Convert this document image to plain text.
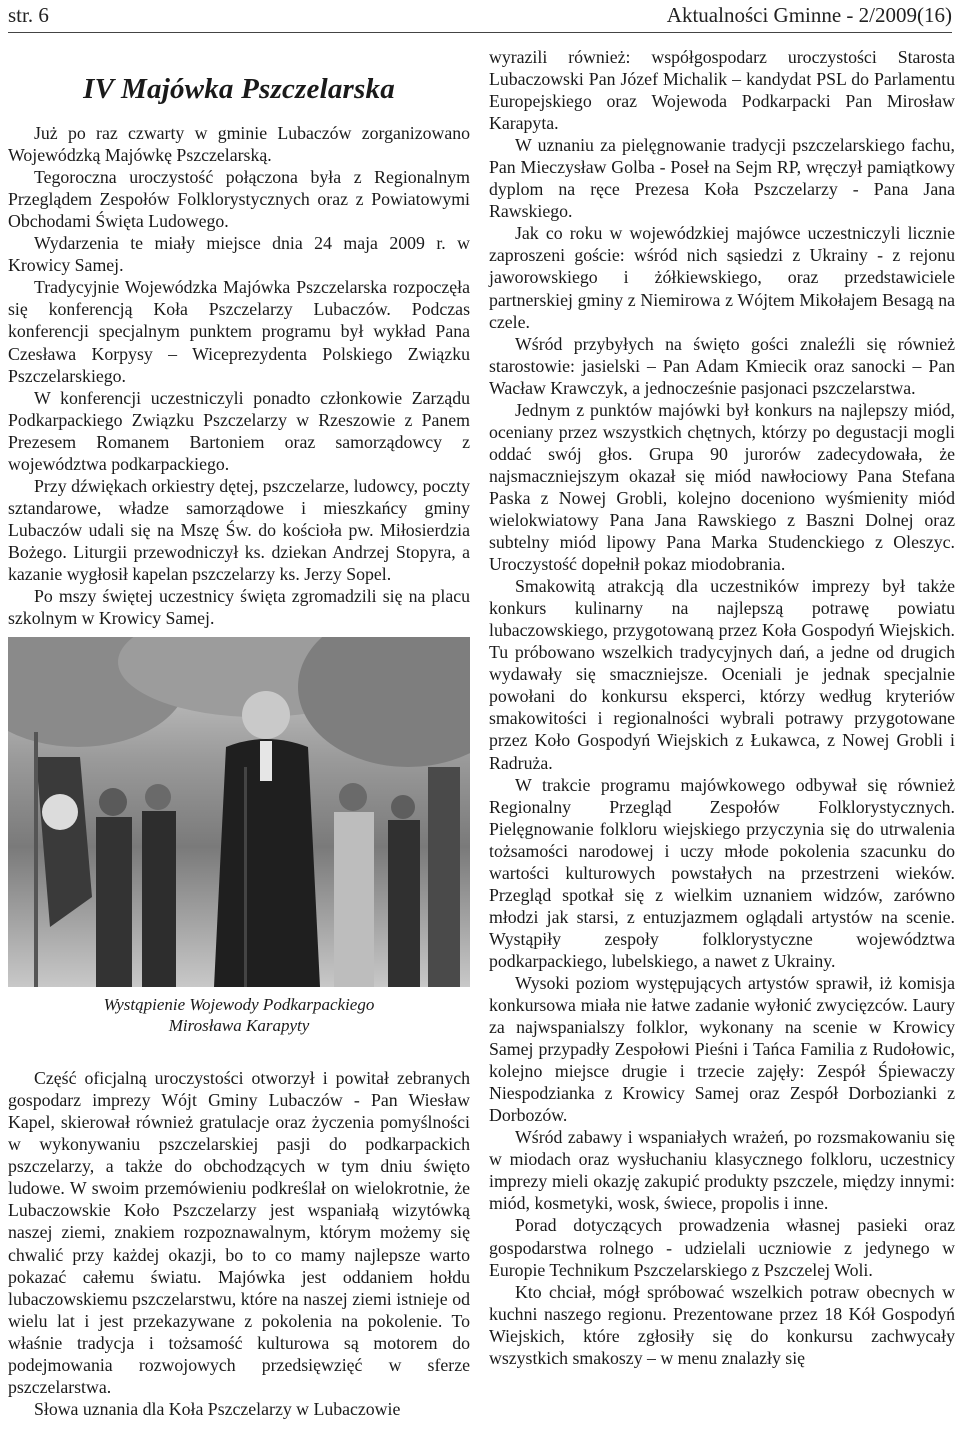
str. 6	Aktualności Gminne - 2/2009(16)
IV Majówka Pszczelarska

Już po raz czwarty w gminie Lubaczów zorganizowano Wojewódzką Majówkę Pszczelarską.

Tegoroczna uroczystość połączona była z Regionalnym Przeglądem Zespołów Folklorystycznych oraz z Powiatowymi Obchodami Święta Ludowego.

Wydarzenia te miały miejsce dnia 24 maja 2009 r. w Krowicy Samej.

Tradycyjnie Wojewódzka Majówka Pszczelarska rozpoczęła się konferencją Koła Pszczelarzy Lubaczów. Podczas konferencji specjalnym punktem programu był wykład Pana Czesława Korpysy – Wiceprezydenta Polskiego Związku Pszczelarskiego.

W konferencji uczestniczyli ponadto członkowie Zarządu Podkarpackiego Związku Pszczelarzy w Rzeszowie z Panem Prezesem Romanem Bartoniem oraz samorządowcy z województwa podkarpackiego.

Przy dźwiękach orkiestry dętej, pszczelarze, ludowcy, poczty sztandarowe, władze samorządowe i mieszkańcy gminy Lubaczów udali się na Mszę Św. do kościoła pw. Miłosierdzia Bożego. Liturgii przewodniczył ks. dziekan Andrzej Stopyra, a kazanie wygłosił kapelan pszczelarzy ks. Jerzy Sopel.

Po mszy świętej uczestnicy święta zgromadzili się na placu szkolnym w Krowicy Samej.

Wystąpienie Wojewody Podkarpackiego
Mirosława Karapyty

Część oficjalną uroczystości otworzył i powitał zebranych gospodarz imprezy Wójt Gminy Lubaczów - Pan Wiesław Kapel, skierował również gratulacje oraz życzenia pomyślności w wykonywaniu pszczelarskiej pasji do podkarpackich pszczelarzy, a także do obchodzących w tym dniu święto ludowe. W swoim przemówieniu podkreślał on wielokrotnie, że Lubaczowskie Koło Pszczelarzy jest wspaniałą wizytówką naszej ziemi, znakiem rozpoznawalnym, którym możemy się chwalić przy każdej okazji, bo to co mamy najlepsze warto pokazać całemu światu. Majówka jest oddaniem hołdu lubaczowskiemu pszczelarstwu, które na naszej ziemi istnieje od wielu lat i jest przekazywane z pokolenia na pokolenie. To właśnie tradycja i tożsamość kulturowa są motorem do podejmowania rozwojowych przedsięwzięć w sferze pszczelarstwa.

Słowa uznania dla Koła Pszczelarzy w Lubaczowie

wyrazili również: współgospodarz uroczystości Starosta Lubaczowski Pan Józef Michalik – kandydat PSL do Parlamentu Europejskiego oraz Wojewoda Podkarpacki Pan Mirosław Karapyta.

W uznaniu za pielęgnowanie tradycji pszczelarskiego fachu, Pan Mieczysław Golba - Poseł na Sejm RP, wręczył pamiątkowy dyplom na ręce Prezesa Koła Pszczelarzy - Pana Jana Rawskiego.

Jak co roku w wojewódzkiej majówce uczestniczyli licznie zaproszeni goście: wśród nich sąsiedzi z Ukrainy - z rejonu jaworowskiego i żółkiewskiego, oraz przedstawiciele partnerskiej gminy z Niemirowa z Wójtem Mikołajem Besagą na czele.

Wśród przybyłych na święto gości znaleźli się również starostowie: jasielski – Pan Adam Kmiecik oraz sanocki – Pan Wacław Krawczyk, a jednocześnie pasjonaci pszczelarstwa.

Jednym z punktów majówki był konkurs na najlepszy miód, oceniany przez wszystkich chętnych, którzy po degustacji mogli oddać swój głos. Grupa 90 jurorów zadecydowała, że najsmaczniejszym okazał się miód nawłociowy Pana Stefana Paska z Nowej Grobli, kolejno doceniono wyśmienity miód wielokwiatowy Pana Jana Rawskiego z Baszni Dolnej oraz subtelny miód lipowy Pana Marka Studenckiego z Oleszyc. Uroczystość dopełnił pokaz miodobrania.

Smakowitą atrakcją dla uczestników imprezy był także konkurs kulinarny na najlepszą potrawę powiatu lubaczowskiego, przygotowaną przez Koła Gospodyń Wiejskich. Tu próbowano wszelkich tradycyjnych dań, a jedne od drugich wydawały się smaczniejsze. Oceniali je jednak specjalnie powołani do konkursu eksperci, którzy według kryteriów smakowitości i regionalności wybrali potrawy przygotowane przez Koło Gospodyń Wiejskich z Łukawca, z Nowej Grobli i Radruża.

W trakcie programu majówkowego odbywał się również Regionalny Przegląd Zespołów Folklorystycznych. Pielęgnowanie folkloru wiejskiego przyczynia się do utrwalenia tożsamości narodowej i uczy młode pokolenia szacunku do wartości kulturowych powstałych na przestrzeni wieków. Przegląd spotkał się z wielkim uznaniem widzów, zarówno młodzi jak starsi, z entuzjazmem oglądali artystów na scenie. Wystąpiły zespoły folklorystyczne województwa podkarpackiego, lubelskiego, a nawet z Ukrainy.

Wysoki poziom występujących artystów sprawił, iż komisja konkursowa miała nie łatwe zadanie wyłonić zwycięzców. Laury za najwspanialszy folklor, wykonany na scenie w Krowicy Samej przypadły Zespołowi Pieśni i Tańca Familia z Rudołowic, kolejno miejsce drugie i trzecie zajęły: Zespół Śpiewaczy Niespodzianka z Krowicy Samej oraz Zespół Dorbozianki z Dorbozów.

Wśród zabawy i wspaniałych wrażeń, po rozsmakowaniu się w miodach oraz wysłuchaniu klasycznego folkloru, uczestnicy imprezy mieli okazję zakupić produkty pszczele, między innymi: miód, kosmetyki, wosk, świece, propolis i inne.

Porad dotyczących prowadzenia własnej pasieki oraz gospodarstwa rolnego - udzielali uczniowie z jedynego w Europie Technikum Pszczelarskiego z Pszczelej Woli.

Kto chciał, mógł spróbować wszelkich potraw obecnych w kuchni naszego regionu. Prezentowane przez 18 Kół Gospodyń Wiejskich, które zgłosiły się do konkursu zachwycały wszystkich smakoszy – w menu znalazły się
